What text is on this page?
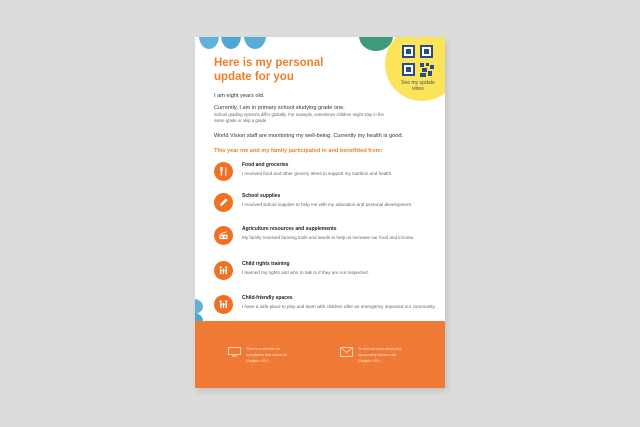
Here is my personal update for you	See my update video
I am eight years old.
Currently, I am in primary school studying grade one.
School grading systems differ globally. For example, sometimes children might stay in the same grade or skip a grade.
World Vision staff are monitoring my well-being. Currently my health is good.
This year me and my family participated in and benefitted from:
Food and groceries
I received food and other grocery items to support my nutrition and health.
School supplies
I received school supplies to help me with my education and personal development.
Agriculture resources and supplements
My family received farming tools and seeds to help us increase our food and income.
Child rights training
I learned my rights and who to talk to if they are not respected.
Child-friendly spaces
I have a safe place to play and learn with children after an emergency impacted our community.
There's a web link for
compilation and videos at
(illegible URL)
To find out more about your
sponsorship please visit
(illegible URL)
